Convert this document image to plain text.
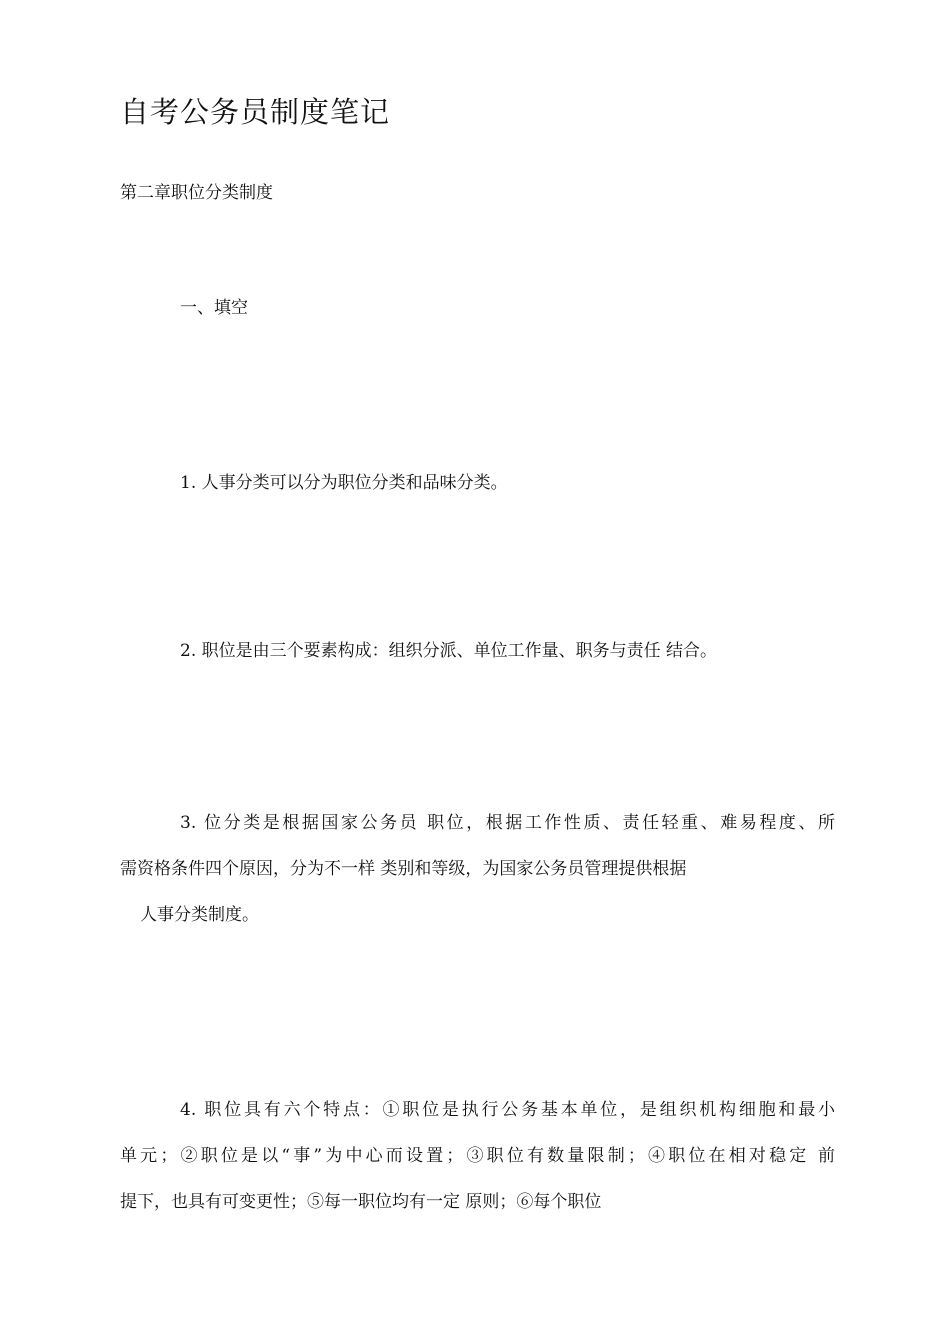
自考公务员制度笔记
第二章职位分类制度
一、填空
1. 人事分类可以分为职位分类和品味分类。
2. 职位是由三个要素构成：组织分派、单位工作量、职务与责任 结合。
3. 位分类是根据国家公务员 职位，根据工作性质、责任轻重、难易程度、所
需资格条件四个原因，分为不一样 类别和等级，为国家公务员管理提供根据
人事分类制度。
4. 职位具有六个特点：①职位是执行公务基本单位，是组织机构细胞和最小
单元；②职位是以“事”为中心而设置；③职位有数量限制；④职位在相对稳定 前
提下，也具有可变更性；⑤每一职位均有一定 原则；⑥每个职位
